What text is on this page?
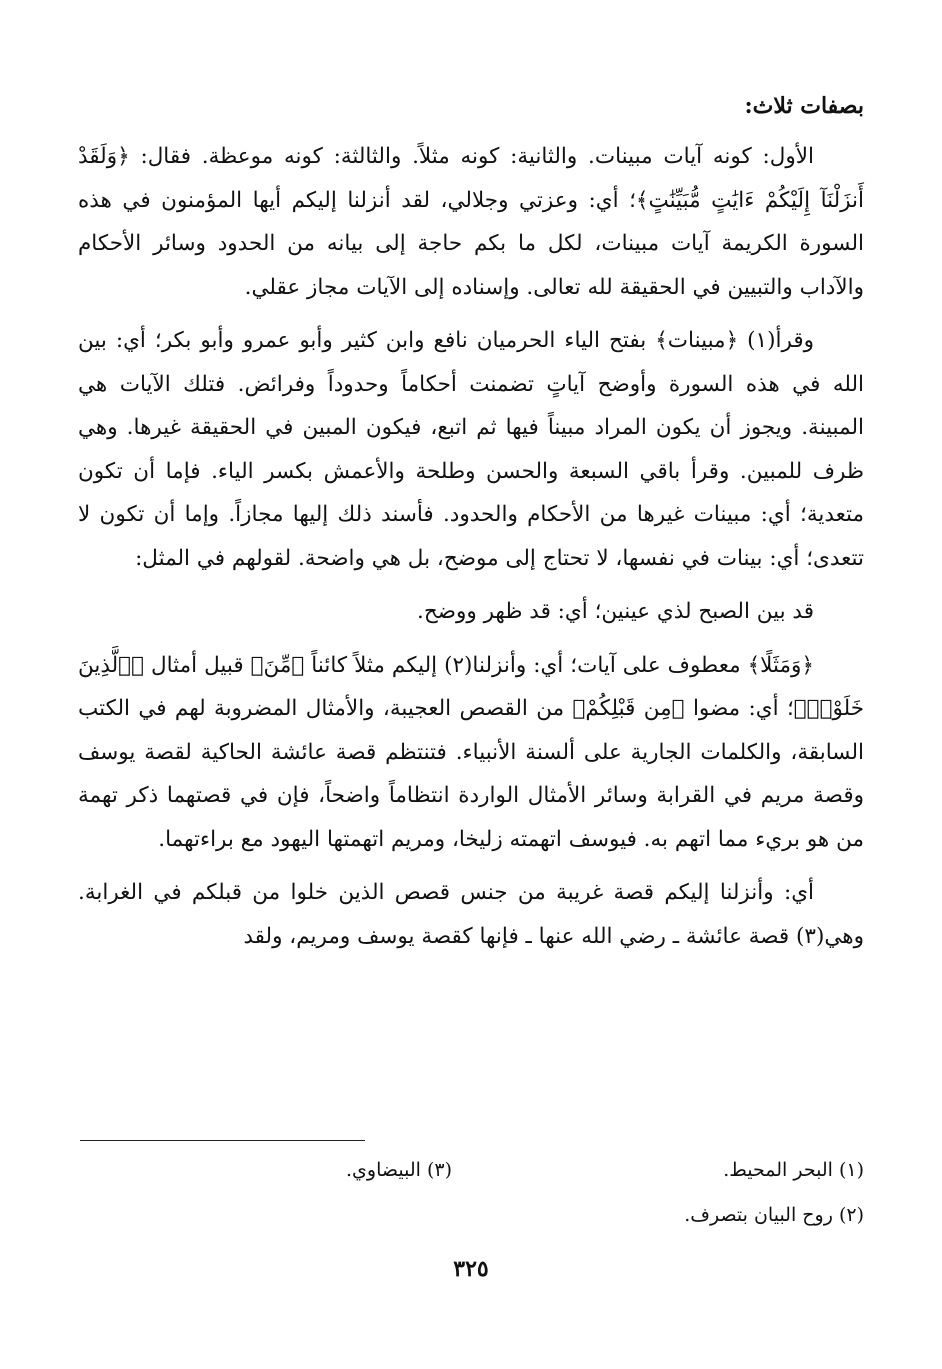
بصفات ثلاث:

الأول: كونه آيات مبينات. والثانية: كونه مثلاً. والثالثة: كونه موعظة. فقال: ﴿وَلَقَدْ أَنزَلْنَآ إِلَيْكُمْ ءَايَٰتٍ مُّبَيِّنَٰتٍ﴾؛ أي: وعزتي وجلالي، لقد أنزلنا إليكم أيها المؤمنون في هذه السورة الكريمة آيات مبينات، لكل ما بكم حاجة إلى بيانه من الحدود وسائر الأحكام والآداب والتبيين في الحقيقة لله تعالى. وإسناده إلى الآيات مجاز عقلي.

وقرأ(١) ﴿مبينات﴾ بفتح الياء الحرميان نافع وابن كثير وأبو عمرو وأبو بكر؛ أي: بين الله في هذه السورة وأوضح آياتٍ تضمنت أحكاماً وحدوداً وفرائض. فتلك الآيات هي المبينة. ويجوز أن يكون المراد مبيناً فيها ثم اتبع، فيكون المبين في الحقيقة غيرها. وهي ظرف للمبين. وقرأ باقي السبعة والحسن وطلحة والأعمش بكسر الياء. فإما أن تكون متعدية؛ أي: مبينات غيرها من الأحكام والحدود. فأسند ذلك إليها مجازاً. وإما أن تكون لا تتعدى؛ أي: بينات في نفسها، لا تحتاج إلى موضح، بل هي واضحة. لقولهم في المثل:

قد بين الصبح لذي عينين؛ أي: قد ظهر ووضح.

﴿وَمَثَلًا﴾ معطوف على آيات؛ أي: وأنزلنا(٢) إليكم مثلاً كائناً ﴿مِّنَ﴾ قبيل أمثال ﴿ٱلَّذِينَ خَلَوْا۟﴾؛ أي: مضوا ﴿مِن قَبْلِكُمْ﴾ من القصص العجيبة، والأمثال المضروبة لهم في الكتب السابقة، والكلمات الجارية على ألسنة الأنبياء. فتنتظم قصة عائشة الحاكية لقصة يوسف وقصة مريم في القرابة وسائر الأمثال الواردة انتظاماً واضحاً، فإن في قصتهما ذكر تهمة من هو بريء مما اتهم به. فيوسف اتهمته زليخا، ومريم اتهمتها اليهود مع براءتهما.

أي: وأنزلنا إليكم قصة غريبة من جنس قصص الذين خلوا من قبلكم في الغرابة. وهي(٣) قصة عائشة ـ رضي الله عنها ـ فإنها كقصة يوسف ومريم، ولقد

(١) البحر المحيط.
(٣) البيضاوي.
(٢) روح البيان بتصرف.
٣٢٥
